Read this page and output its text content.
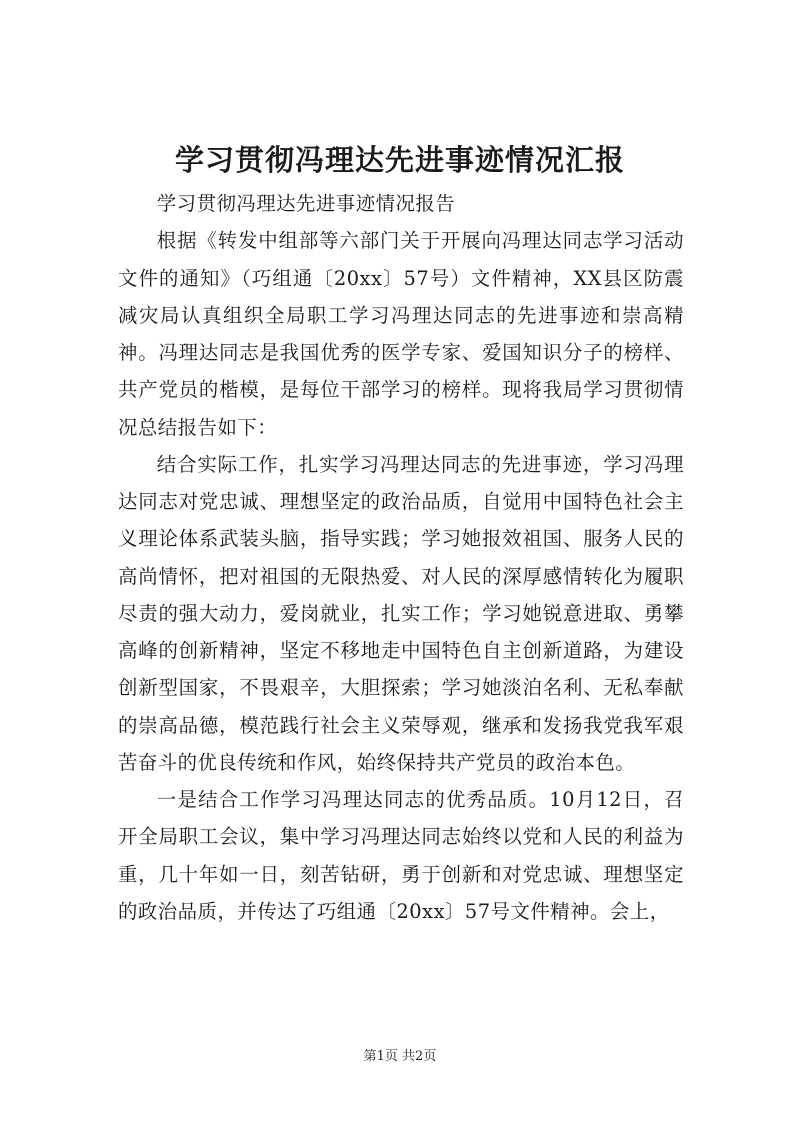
学习贯彻冯理达先进事迹情况汇报

学习贯彻冯理达先进事迹情况报告

根据《转发中组部等六部门关于开展向冯理达同志学习活动文件的通知》（巧组通〔20xx〕57号）文件精神，XX县区防震减灾局认真组织全局职工学习冯理达同志的先进事迹和崇高精神。冯理达同志是我国优秀的医学专家、爱国知识分子的榜样、共产党员的楷模，是每位干部学习的榜样。现将我局学习贯彻情况总结报告如下：

结合实际工作，扎实学习冯理达同志的先进事迹，学习冯理达同志对党忠诚、理想坚定的政治品质，自觉用中国特色社会主义理论体系武装头脑，指导实践；学习她报效祖国、服务人民的高尚情怀，把对祖国的无限热爱、对人民的深厚感情转化为履职尽责的强大动力，爱岗就业，扎实工作；学习她锐意进取、勇攀高峰的创新精神，坚定不移地走中国特色自主创新道路，为建设创新型国家，不畏艰辛，大胆探索；学习她淡泊名利、无私奉献的崇高品德，模范践行社会主义荣辱观，继承和发扬我党我军艰苦奋斗的优良传统和作风，始终保持共产党员的政治本色。

一是结合工作学习冯理达同志的优秀品质。10月12日，召开全局职工会议，集中学习冯理达同志始终以党和人民的利益为重，几十年如一日，刻苦钻研，勇于创新和对党忠诚、理想坚定的政治品质，并传达了巧组通〔20xx〕57号文件精神。会上，

第1页 共2页
